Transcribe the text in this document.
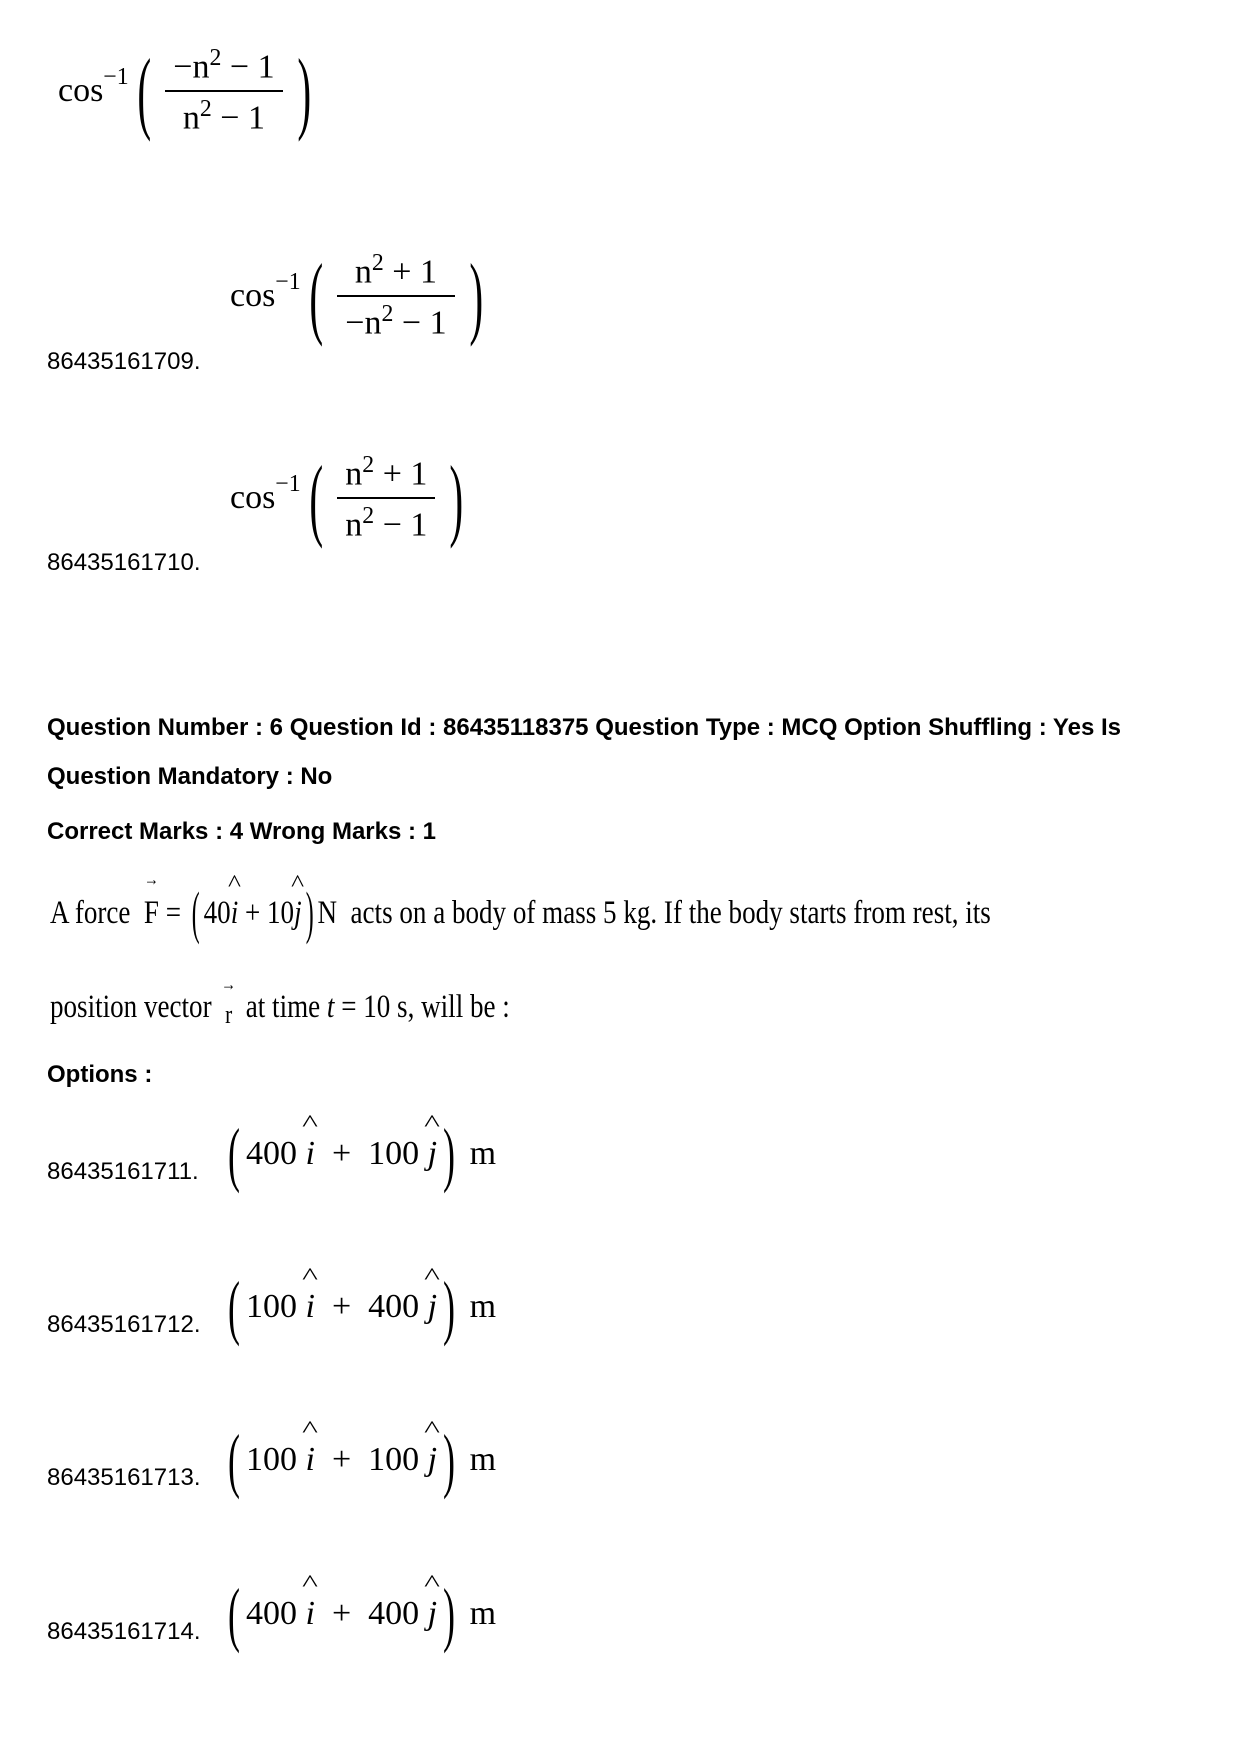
$\cos^{-1}$ ( $\frac{-n^2 - 1}{n^2 - 1}$ )
86435161709.
$\cos^{-1}$ ( $\frac{n^2 + 1}{-n^2 - 1}$ )
86435161710.
$\cos^{-1}$ ( $\frac{n^2 + 1}{n^2 - 1}$ )
Question Number : 6 Question Id : 86435118375 Question Type : MCQ Option Shuffling : Yes Is
Question Mandatory : No
Correct Marks : 4 Wrong Marks : 1
A force
→ F = ( 40 ^ i + 10 ^ j ) N
acts on a body of mass 5 kg. If the body starts from rest, its
position vector
→ r
at time
t = 10 s, will be :
Options :
86435161711. ( 400
^ i
+
100
^ j )
m
86435161712. ( 100
^ i
+
400
^ j )
m
86435161713. ( 100
^ i
+
100
^ j )
m
86435161714. ( 400
^ i
+
400
^ j )
m
